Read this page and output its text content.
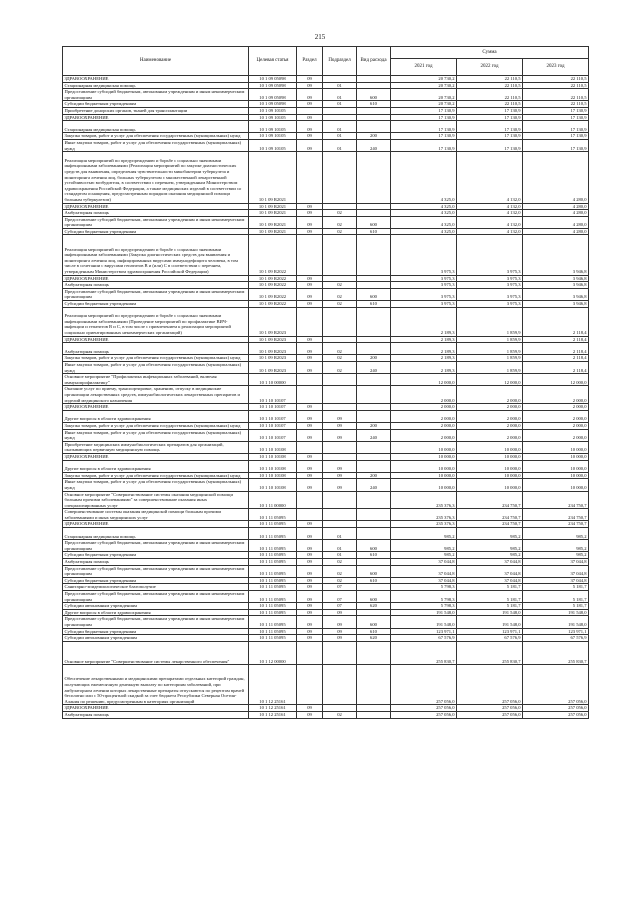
215
Наименование	Целевая статья	Раздел	Подраздел	Вид расхода	Сумма		
					2021 год	2022 год	2023 год
ЗДРАВООХРАНЕНИЕ	10 1 09 05098	09			20 730,2	22 110,5	22 110,5
Стационарная медицинская помощь	10 1 09 05098	09	01		20 730,2	22 110,5	22 110,5
Предоставление субсидий бюджетным, автономным учреждениям и иным некоммерческим организациям	10 1 09 05098	09	01	600	20 730,2	22 110,5	22 110,5
Субсидии бюджетным учреждениям	10 1 09 05098	09	01	610	20 730,2	22 110,5	22 110,5
Приобретение донорских органов, тканей для трансплантации	10 1 09 10105				17 130,9	17 130,9	17 130,9
ЗДРАВООХРАНЕНИЕ	10 1 09 10105	09			17 130,9	17 130,9	17 130,9
Стационарная медицинская помощь	10 1 09 10105	09	01		17 130,9	17 130,9	17 130,9
Закупка товаров, работ и услуг для обеспечения государственных (муниципальных) нужд	10 1 09 10105	09	01	200	17 130,9	17 130,9	17 130,9
Иные закупки товаров, работ и услуг для обеспечения государственных (муниципальных) нужд	10 1 09 10105	09	01	240	17 130,9	17 130,9	17 130,9
Реализация мероприятий по предупреждению и борьбе с социально значимыми инфекционными заболеваниями (Реализация мероприятий по закупке диагностических средств для выявления, определения чувствительности микобактерии туберкулеза и мониторинга лечения лиц, больных туберкулезом с множественной лекарственной устойчивостью возбудителя, в соответствии с перечнем, утвержденным Министерством здравоохранения Российской Федерации, а также медицинских изделий в соответствии со стандартом оснащения, предусмотренным порядком оказания медицинской помощи больным туберкулезом)	10 1 09 R2021				4 325,0	4 132,0	4 280,0
ЗДРАВООХРАНЕНИЕ	10 1 09 R2021	09			4 325,0	4 132,0	4 280,0
Амбулаторная помощь	10 1 09 R2021	09	02		4 325,0	4 132,0	4 280,0
Предоставление субсидий бюджетным, автономным учреждениям и иным некоммерческим организациям	10 1 09 R2021	09	02	600	4 325,0	4 132,0	4 280,0
Субсидии бюджетным учреждениям	10 1 09 R2021	09	02	610	4 325,0	4 132,0	4 280,0
Реализация мероприятий по предупреждению и борьбе с социально значимыми инфекционными заболеваниями (Закупка диагностических средств для выявления и мониторинга лечения лиц, инфицированных вирусами иммунодефицита человека, в том числе в сочетании с вирусами гепатитов B и (или) C в соответствии с перечнем, утвержденным Министерством здравоохранения Российской Федерации)	10 1 09 R2022				3 975,3	3 975,3	3 946,8
ЗДРАВООХРАНЕНИЕ	10 1 09 R2022	09			3 975,3	3 975,3	3 946,8
Амбулаторная помощь	10 1 09 R2022	09	02		3 975,3	3 975,3	3 946,8
Предоставление субсидий бюджетным, автономным учреждениям и иным некоммерческим организациям	10 1 09 R2022	09	02	600	3 975,3	3 975,3	3 946,8
Субсидии бюджетным учреждениям	10 1 09 R2022	09	02	610	3 975,3	3 975,3	3 946,8
Реализация мероприятий по предупреждению и борьбе с социально значимыми инфекционными заболеваниями (Проведение мероприятий по профилактике ВИЧ-инфекции и гепатитов B и C, в том числе с привлечением к реализации мероприятий социально ориентированных некоммерческих организаций)	10 1 09 R2023				2 189,3	1 859,9	2 118,4
ЗДРАВООХРАНЕНИЕ	10 1 09 R2023	09			2 189,3	1 859,9	2 118,4
Амбулаторная помощь	10 1 09 R2023	09	02		2 189,3	1 859,9	2 118,4
Закупка товаров, работ и услуг для обеспечения государственных (муниципальных) нужд	10 1 09 R2023	09	02	200	2 189,3	1 859,9	2 118,4
Иные закупки товаров, работ и услуг для обеспечения государственных (муниципальных) нужд	10 1 09 R2023	09	02	240	2 189,3	1 859,9	2 118,4
Основное мероприятие "Профилактика инфекционных заболеваний, включая иммунопрофилактику"	10 1 10 00000				12 000,0	12 000,0	12 000,0
Оказание услуг по приему, транспортировке, хранению, отпуску в медицинские организации лекарственных средств, иммунобиологических лекарственных препаратов и изделий медицинского назначения	10 1 10 10107				2 000,0	2 000,0	2 000,0
ЗДРАВООХРАНЕНИЕ	10 1 10 10107	09			2 000,0	2 000,0	2 000,0
Другие вопросы в области здравоохранения	10 1 10 10107	09	09		2 000,0	2 000,0	2 000,0
Закупка товаров, работ и услуг для обеспечения государственных (муниципальных) нужд	10 1 10 10107	09	09	200	2 000,0	2 000,0	2 000,0
Иные закупки товаров, работ и услуг для обеспечения государственных (муниципальных) нужд	10 1 10 10107	09	09	240	2 000,0	2 000,0	2 000,0
Приобретение медицинских иммунобиологических препаратов для организаций, оказывающих первичную медицинскую помощь	10 1 10 10108				10 000,0	10 000,0	10 000,0
ЗДРАВООХРАНЕНИЕ	10 1 10 10108	09			10 000,0	10 000,0	10 000,0
Другие вопросы в области здравоохранения	10 1 10 10108	09	09		10 000,0	10 000,0	10 000,0
Закупка товаров, работ и услуг для обеспечения государственных (муниципальных) нужд	10 1 10 10108	09	09	200	10 000,0	10 000,0	10 000,0
Иные закупки товаров, работ и услуг для обеспечения государственных (муниципальных) нужд	10 1 10 10108	09	09	240	10 000,0	10 000,0	10 000,0
Основное мероприятие "Совершенствование системы оказания медицинской помощи больным прочими заболеваниями" за совершенствование оказания иных специализированных услуг	10 1 11 00000				235 376,3	234 750,7	234 750,7
Совершенствование системы оказания медицинской помощи больным прочими заболеваниями и иных медицинских услуг	10 1 11 05095				235 376,3	234 750,7	234 750,7
ЗДРАВООХРАНЕНИЕ	10 1 11 05095	09			235 376,3	234 750,7	234 750,7
Стационарная медицинская помощь	10 1 11 05095	09	01		985,2	985,2	985,2
Предоставление субсидий бюджетным, автономным учреждениям и иным некоммерческим организациям	10 1 11 05095	09	01	600	985,2	985,2	985,2
Субсидии бюджетным учреждениям	10 1 11 05095	09	01	610	985,2	985,2	985,2
Амбулаторная помощь	10 1 11 05095	09	02		37 044,8	37 044,8	37 044,8
Предоставление субсидий бюджетным, автономным учреждениям и иным некоммерческим организациям	10 1 11 05095	09	02	600	37 044,8	37 044,8	37 044,8
Субсидии бюджетным учреждениям	10 1 11 05095	09	02	610	37 044,8	37 044,8	37 044,8
Санитарно-эпидемиологическое благополучие	10 1 11 05095	09	07		5 798,3	5 181,7	5 181,7
Предоставление субсидий бюджетным, автономным учреждениям и иным некоммерческим организациям	10 1 11 05095	09	07	600	5 798,3	5 181,7	5 181,7
Субсидии автономным учреждениям	10 1 11 05095	09	07	620	5 798,3	5 181,7	5 181,7
Другие вопросы в области здравоохранения	10 1 11 05095	09	09		191 548,0	191 548,0	191 548,0
Предоставление субсидий бюджетным, автономным учреждениям и иным некоммерческим организациям	10 1 11 05095	09	09	600	191 548,0	191 548,0	191 548,0
Субсидии бюджетным учреждениям	10 1 11 05095	09	09	610	123 971,1	123 971,1	123 971,1
Субсидии автономным учреждениям	10 1 11 05095	09	09	620	67 576,9	67 576,9	67 576,9
Основное мероприятие "Совершенствование системы лекарственного обеспечения"	10 1 12 00000				255 830,7	255 830,7	255 830,7
Обеспечение лекарственными и медицинскими препаратами отдельных категорий граждан, получающих ежемесячную денежную выплату по категориям заболеваний, при амбулаторном лечении которых лекарственные препараты отпускаются по рецептам врачей бесплатно или с 50-процентной скидкой за счет бюджета Республики Северная Осетия-Алания по решению, предусмотренным в категориях организаций	10 1 12 25161				257 056,0	257 056,0	257 056,0
ЗДРАВООХРАНЕНИЕ	10 1 12 25161	09			257 056,0	257 056,0	257 056,0
Амбулаторная помощь	10 1 12 25161	09	02		257 056,0	257 056,0	257 056,0
